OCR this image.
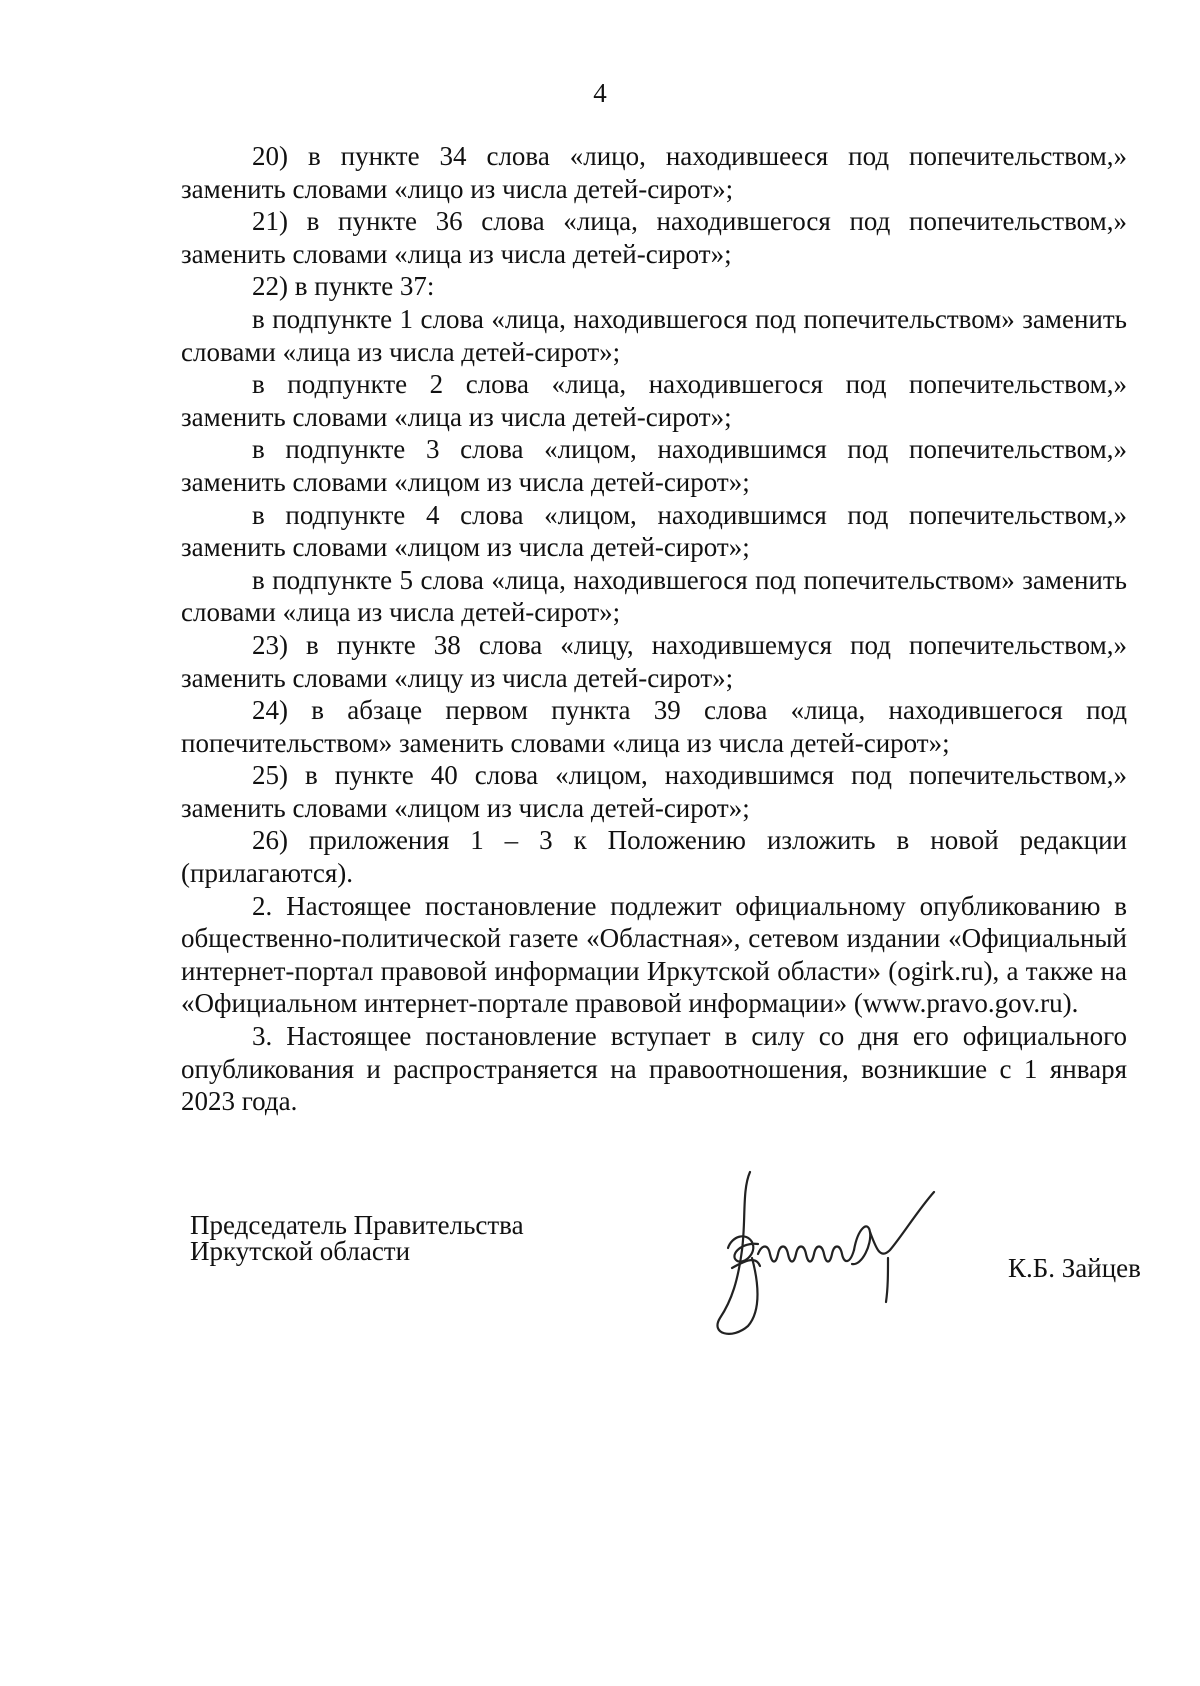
4

20) в пункте 34 слова «лицо, находившееся под попечительством,» заменить словами «лицо из числа детей-сирот»;

21) в пункте 36 слова «лица, находившегося под попечительством,» заменить словами «лица из числа детей-сирот»;

22) в пункте 37:

в подпункте 1 слова «лица, находившегося под попечительством» заменить словами «лица из числа детей-сирот»;

в подпункте 2 слова «лица, находившегося под попечительством,» заменить словами «лица из числа детей-сирот»;

в подпункте 3 слова «лицом, находившимся под попечительством,» заменить словами «лицом из числа детей-сирот»;

в подпункте 4 слова «лицом, находившимся под попечительством,» заменить словами «лицом из числа детей-сирот»;

в подпункте 5 слова «лица, находившегося под попечительством» заменить словами «лица из числа детей-сирот»;

23) в пункте 38 слова «лицу, находившемуся под попечительством,» заменить словами «лицу из числа детей-сирот»;

24) в абзаце первом пункта 39 слова «лица, находившегося под попечительством» заменить словами «лица из числа детей-сирот»;

25) в пункте 40 слова «лицом, находившимся под попечительством,» заменить словами «лицом из числа детей-сирот»;

26) приложения 1 – 3 к Положению изложить в новой редакции (прилагаются).

2. Настоящее постановление подлежит официальному опубликованию в общественно-политической газете «Областная», сетевом издании «Официальный интернет-портал правовой информации Иркутской области» (ogirk.ru), а также на «Официальном интернет-портале правовой информации» (www.pravo.gov.ru).

3. Настоящее постановление вступает в силу со дня его официального опубликования и распространяется на правоотношения, возникшие с 1 января 2023 года.

Председатель Правительства
Иркутской области
К.Б. Зайцев
